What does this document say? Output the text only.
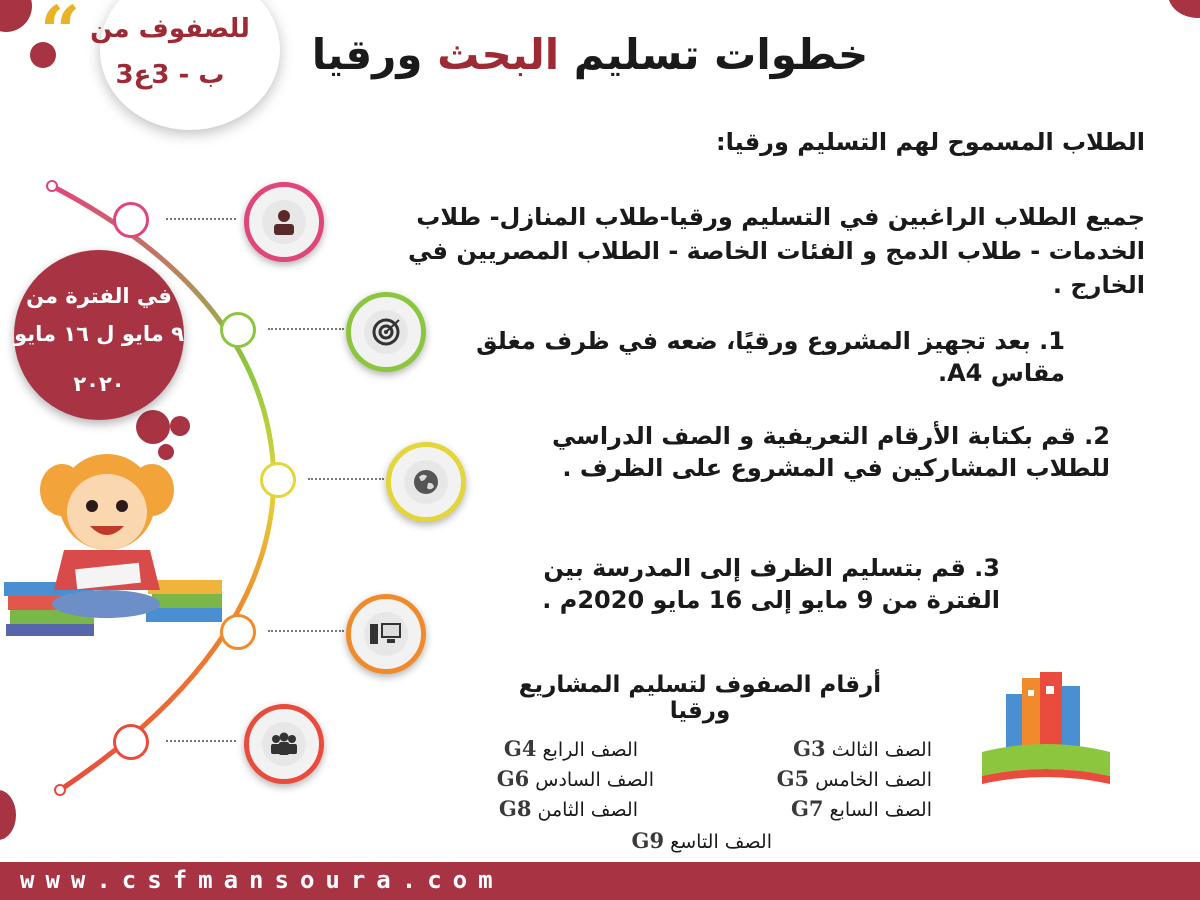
“ للصفوف من
3ب - 3ع	خطوات تسليم البحث ورقيا
الطلاب المسموح لهم التسليم ورقيا:
جميع الطلاب الراغبين في التسليم ورقيا-طلاب المنازل- طلاب الخدمات - طلاب الدمج و الفئات الخاصة - الطلاب المصريين في الخارج .
1. بعد تجهيز المشروع ورقيًا، ضعه في ظرف مغلق مقاس A4.
2. قم بكتابة الأرقام التعريفية و الصف الدراسي للطلاب المشاركين في المشروع على الظرف .
3. قم بتسليم الظرف إلى المدرسة بين الفترة من 9 مايو إلى 16 مايو 2020م .
في الفترة من
٩ مايو ل ١٦ مايو
٢٠٢٠
أرقام الصفوف لتسليم المشاريع ورقيا
الصف الثالث G3
الصف الرابع G4
الصف الخامس G5
الصف السادس G6
الصف السابع G7
الصف الثامن G8
الصف التاسع G9
www.csfmansoura.com
